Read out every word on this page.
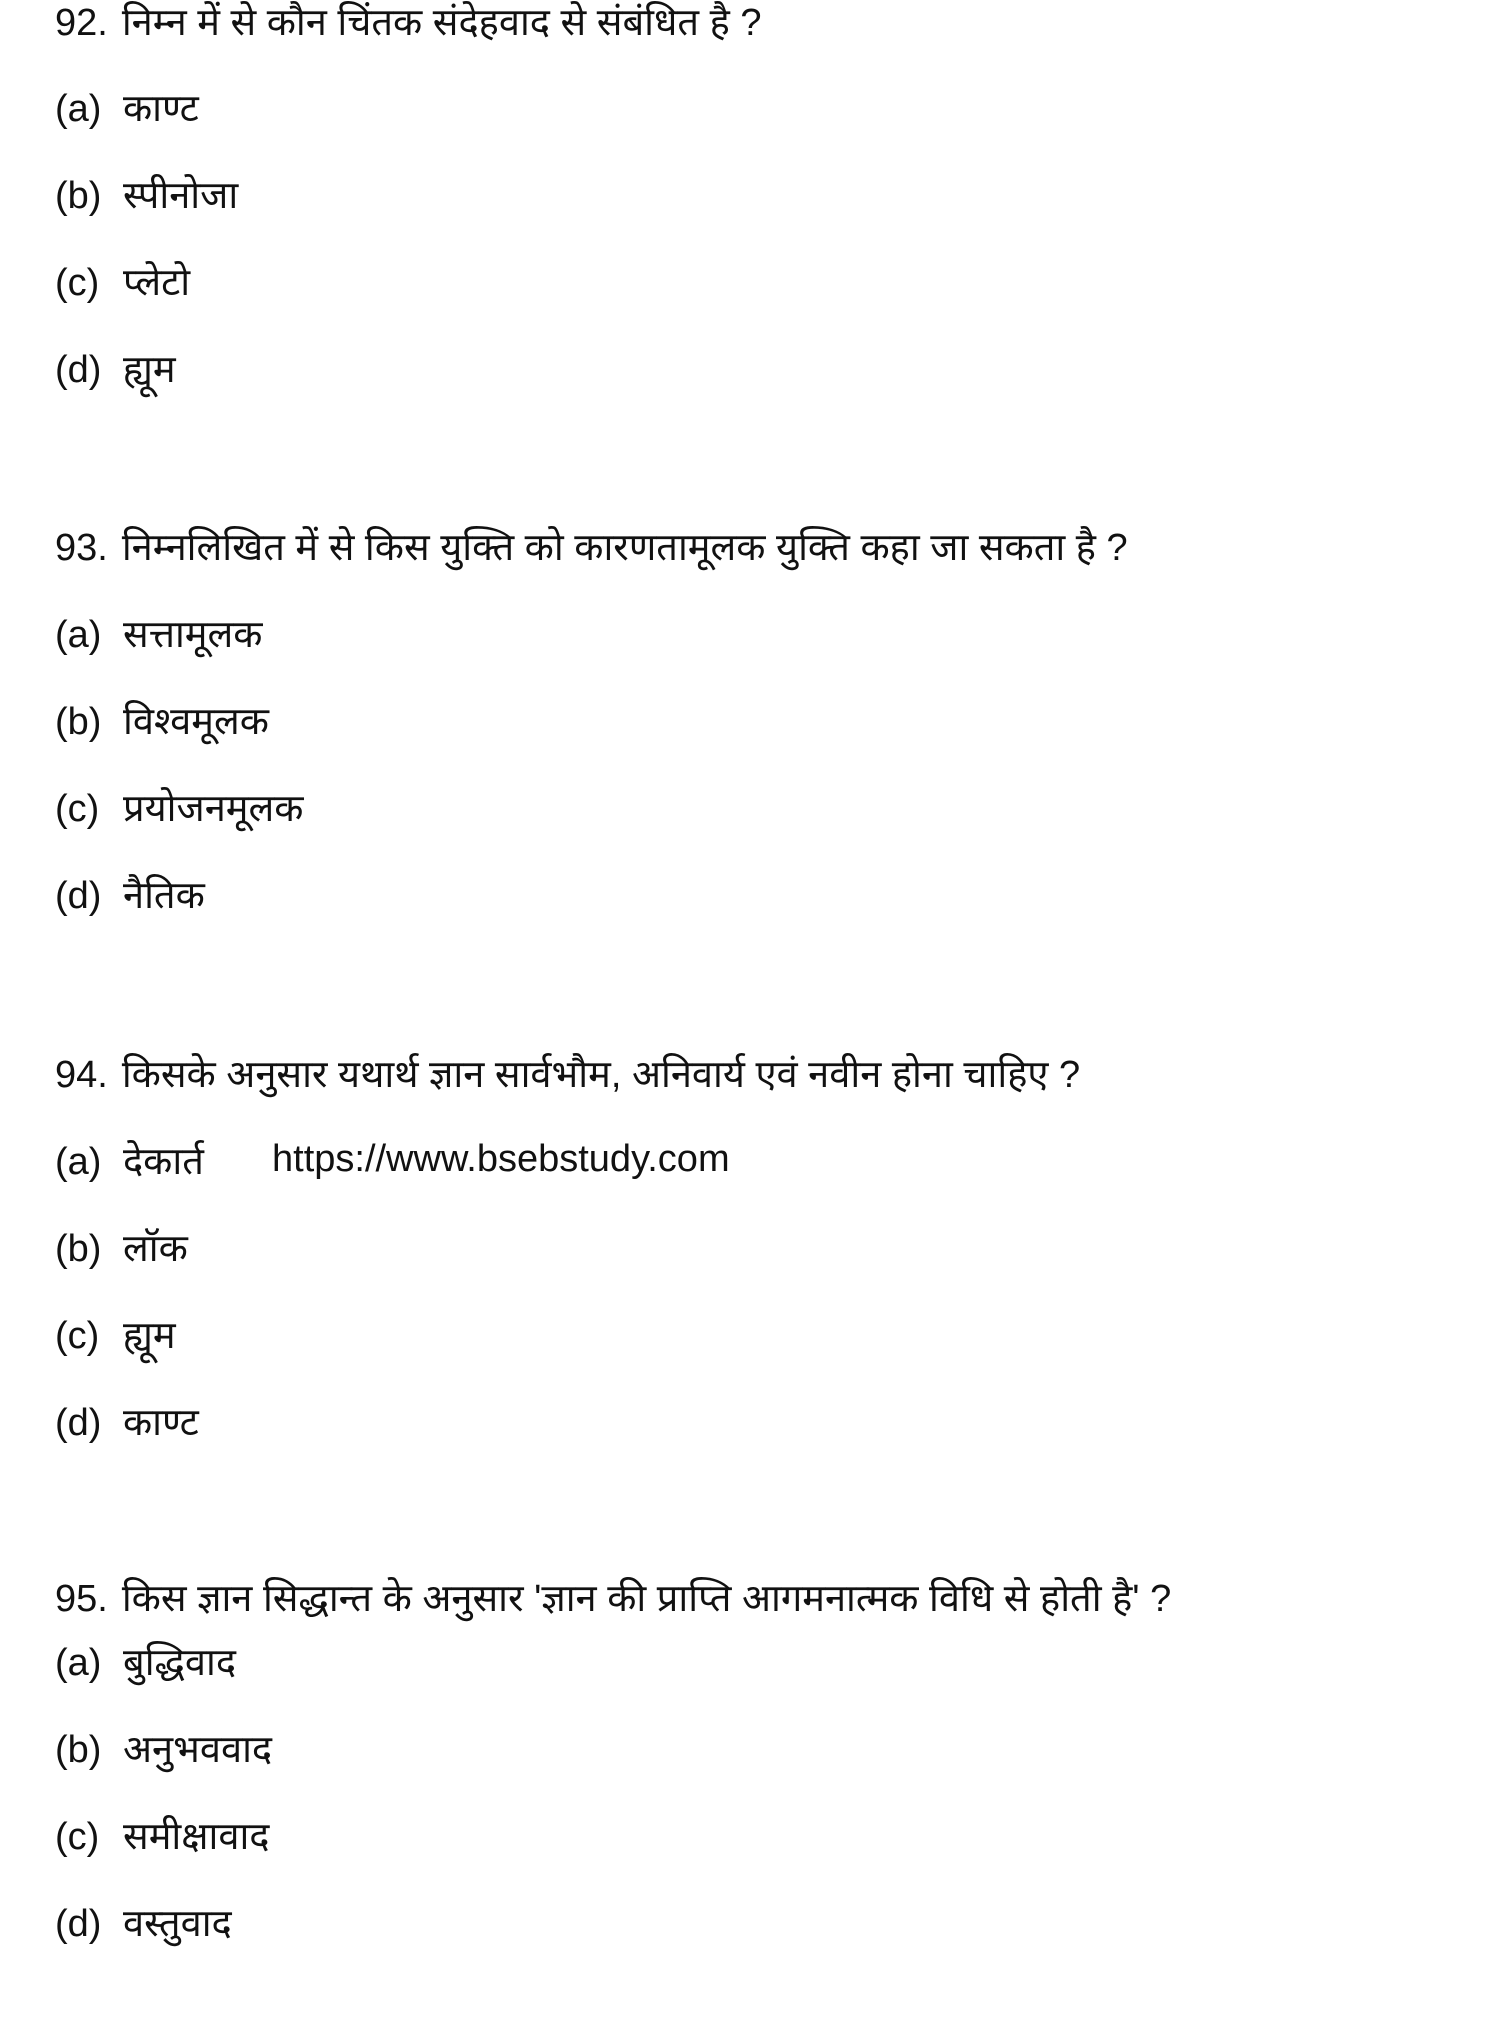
92. निम्न में से कौन चिंतक संदेहवाद से संबंधित है ?
(a) काण्ट
(b) स्पीनोजा
(c) प्लेटो
(d) ह्यूम
93. निम्नलिखित में से किस युक्ति को कारणतामूलक युक्ति कहा जा सकता है ?
(a) सत्तामूलक
(b) विश्वमूलक
(c) प्रयोजनमूलक
(d) नैतिक
94. किसके अनुसार यथार्थ ज्ञान सार्वभौम, अनिवार्य एवं नवीन होना चाहिए ?
(a) देकार्त
(b) लॉक
(c) ह्यूम
(d) काण्ट
95. किस ज्ञान सिद्धान्त के अनुसार 'ज्ञान की प्राप्ति आगमनात्मक विधि से होती है' ?
(a) बुद्धिवाद
(b) अनुभववाद
(c) समीक्षावाद
(d) वस्तुवाद
https://www.bsebstudy.com
